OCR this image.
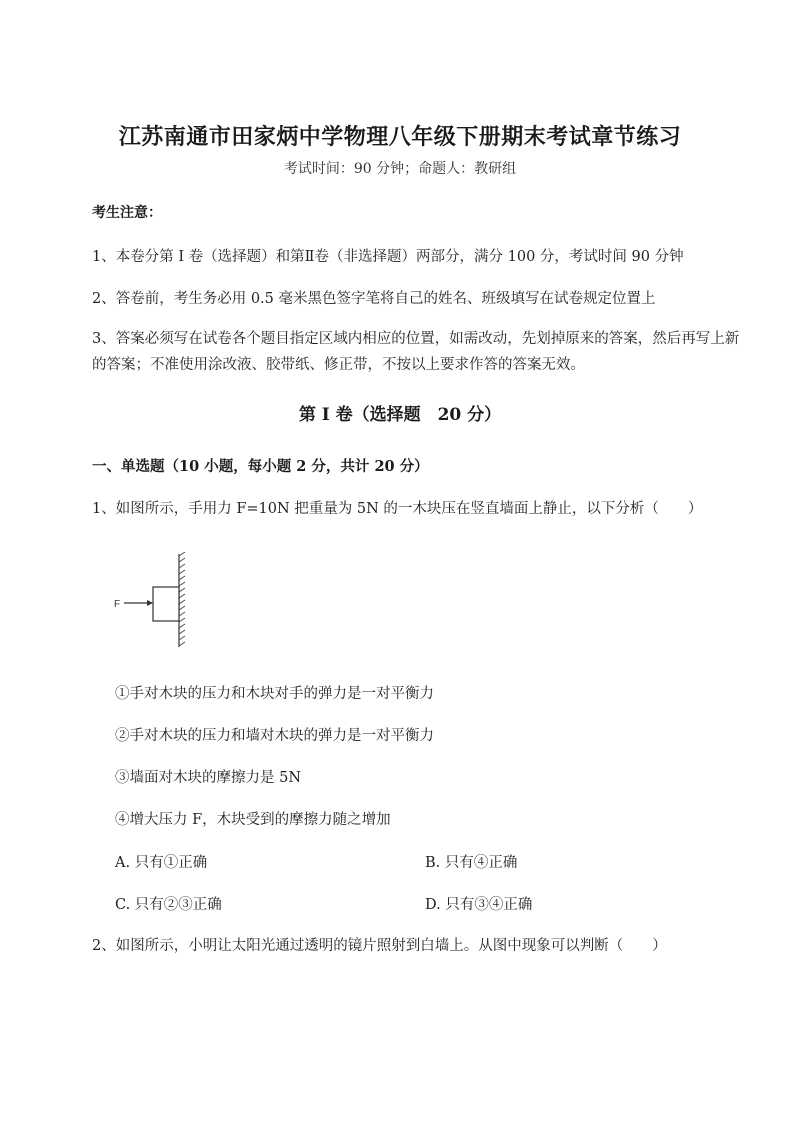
江苏南通市田家炳中学物理八年级下册期末考试章节练习
考试时间：90 分钟；命题人：教研组
考生注意：
1、本卷分第 I 卷（选择题）和第Ⅱ卷（非选择题）两部分，满分 100 分，考试时间 90 分钟
2、答卷前，考生务必用 0.5 毫米黑色签字笔将自己的姓名、班级填写在试卷规定位置上
3、答案必须写在试卷各个题目指定区域内相应的位置，如需改动，先划掉原来的答案，然后再写上新的答案；不准使用涂改液、胶带纸、修正带，不按以上要求作答的答案无效。
第 I 卷（选择题　20 分）
一、单选题（10 小题，每小题 2 分，共计 20 分）
1、如图所示，手用力 F=10N 把重量为 5N 的一木块压在竖直墙面上静止，以下分析（　　）
F
①手对木块的压力和木块对手的弹力是一对平衡力
②手对木块的压力和墙对木块的弹力是一对平衡力
③墙面对木块的摩擦力是 5N
④增大压力 F，木块受到的摩擦力随之增加
A. 只有①正确	B. 只有④正确
C. 只有②③正确	D. 只有③④正确
2、如图所示，小明让太阳光通过透明的镜片照射到白墙上。从图中现象可以判断（　　）
